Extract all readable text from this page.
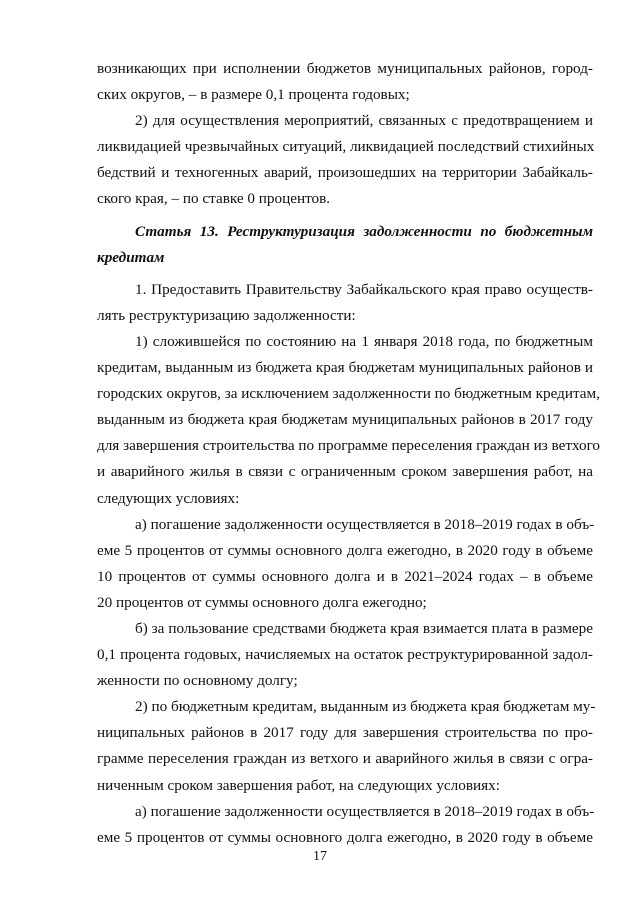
возникающих при исполнении бюджетов муниципальных районов, город-
ских округов, – в размере 0,1 процента годовых;
2) для осуществления мероприятий, связанных с предотвращением и
ликвидацией чрезвычайных ситуаций, ликвидацией последствий стихийных
бедствий и техногенных аварий, произошедших на территории Забайкаль-
ского края, – по ставке 0 процентов.
Статья 13. Реструктуризация задолженности по бюджетным
кредитам
1. Предоставить Правительству Забайкальского края право осуществ-
лять реструктуризацию задолженности:
1) сложившейся по состоянию на 1 января 2018 года, по бюджетным
кредитам, выданным из бюджета края бюджетам муниципальных районов и
городских округов, за исключением задолженности по бюджетным кредитам,
выданным из бюджета края бюджетам муниципальных районов в 2017 году
для завершения строительства по программе переселения граждан из ветхого
и аварийного жилья в связи с ограниченным сроком завершения работ, на
следующих условиях:
а) погашение задолженности осуществляется в 2018–2019 годах в объ-
еме 5 процентов от суммы основного долга ежегодно, в 2020 году в объеме
10 процентов от суммы основного долга и в 2021–2024 годах – в объеме
20 процентов от суммы основного долга ежегодно;
б) за пользование средствами бюджета края взимается плата в размере
0,1 процента годовых, начисляемых на остаток реструктурированной задол-
женности по основному долгу;
2) по бюджетным кредитам, выданным из бюджета края бюджетам му-
ниципальных районов в 2017 году для завершения строительства по про-
грамме переселения граждан из ветхого и аварийного жилья в связи с огра-
ниченным сроком завершения работ, на следующих условиях:
а) погашение задолженности осуществляется в 2018–2019 годах в объ-
еме 5 процентов от суммы основного долга ежегодно, в 2020 году в объеме
17
